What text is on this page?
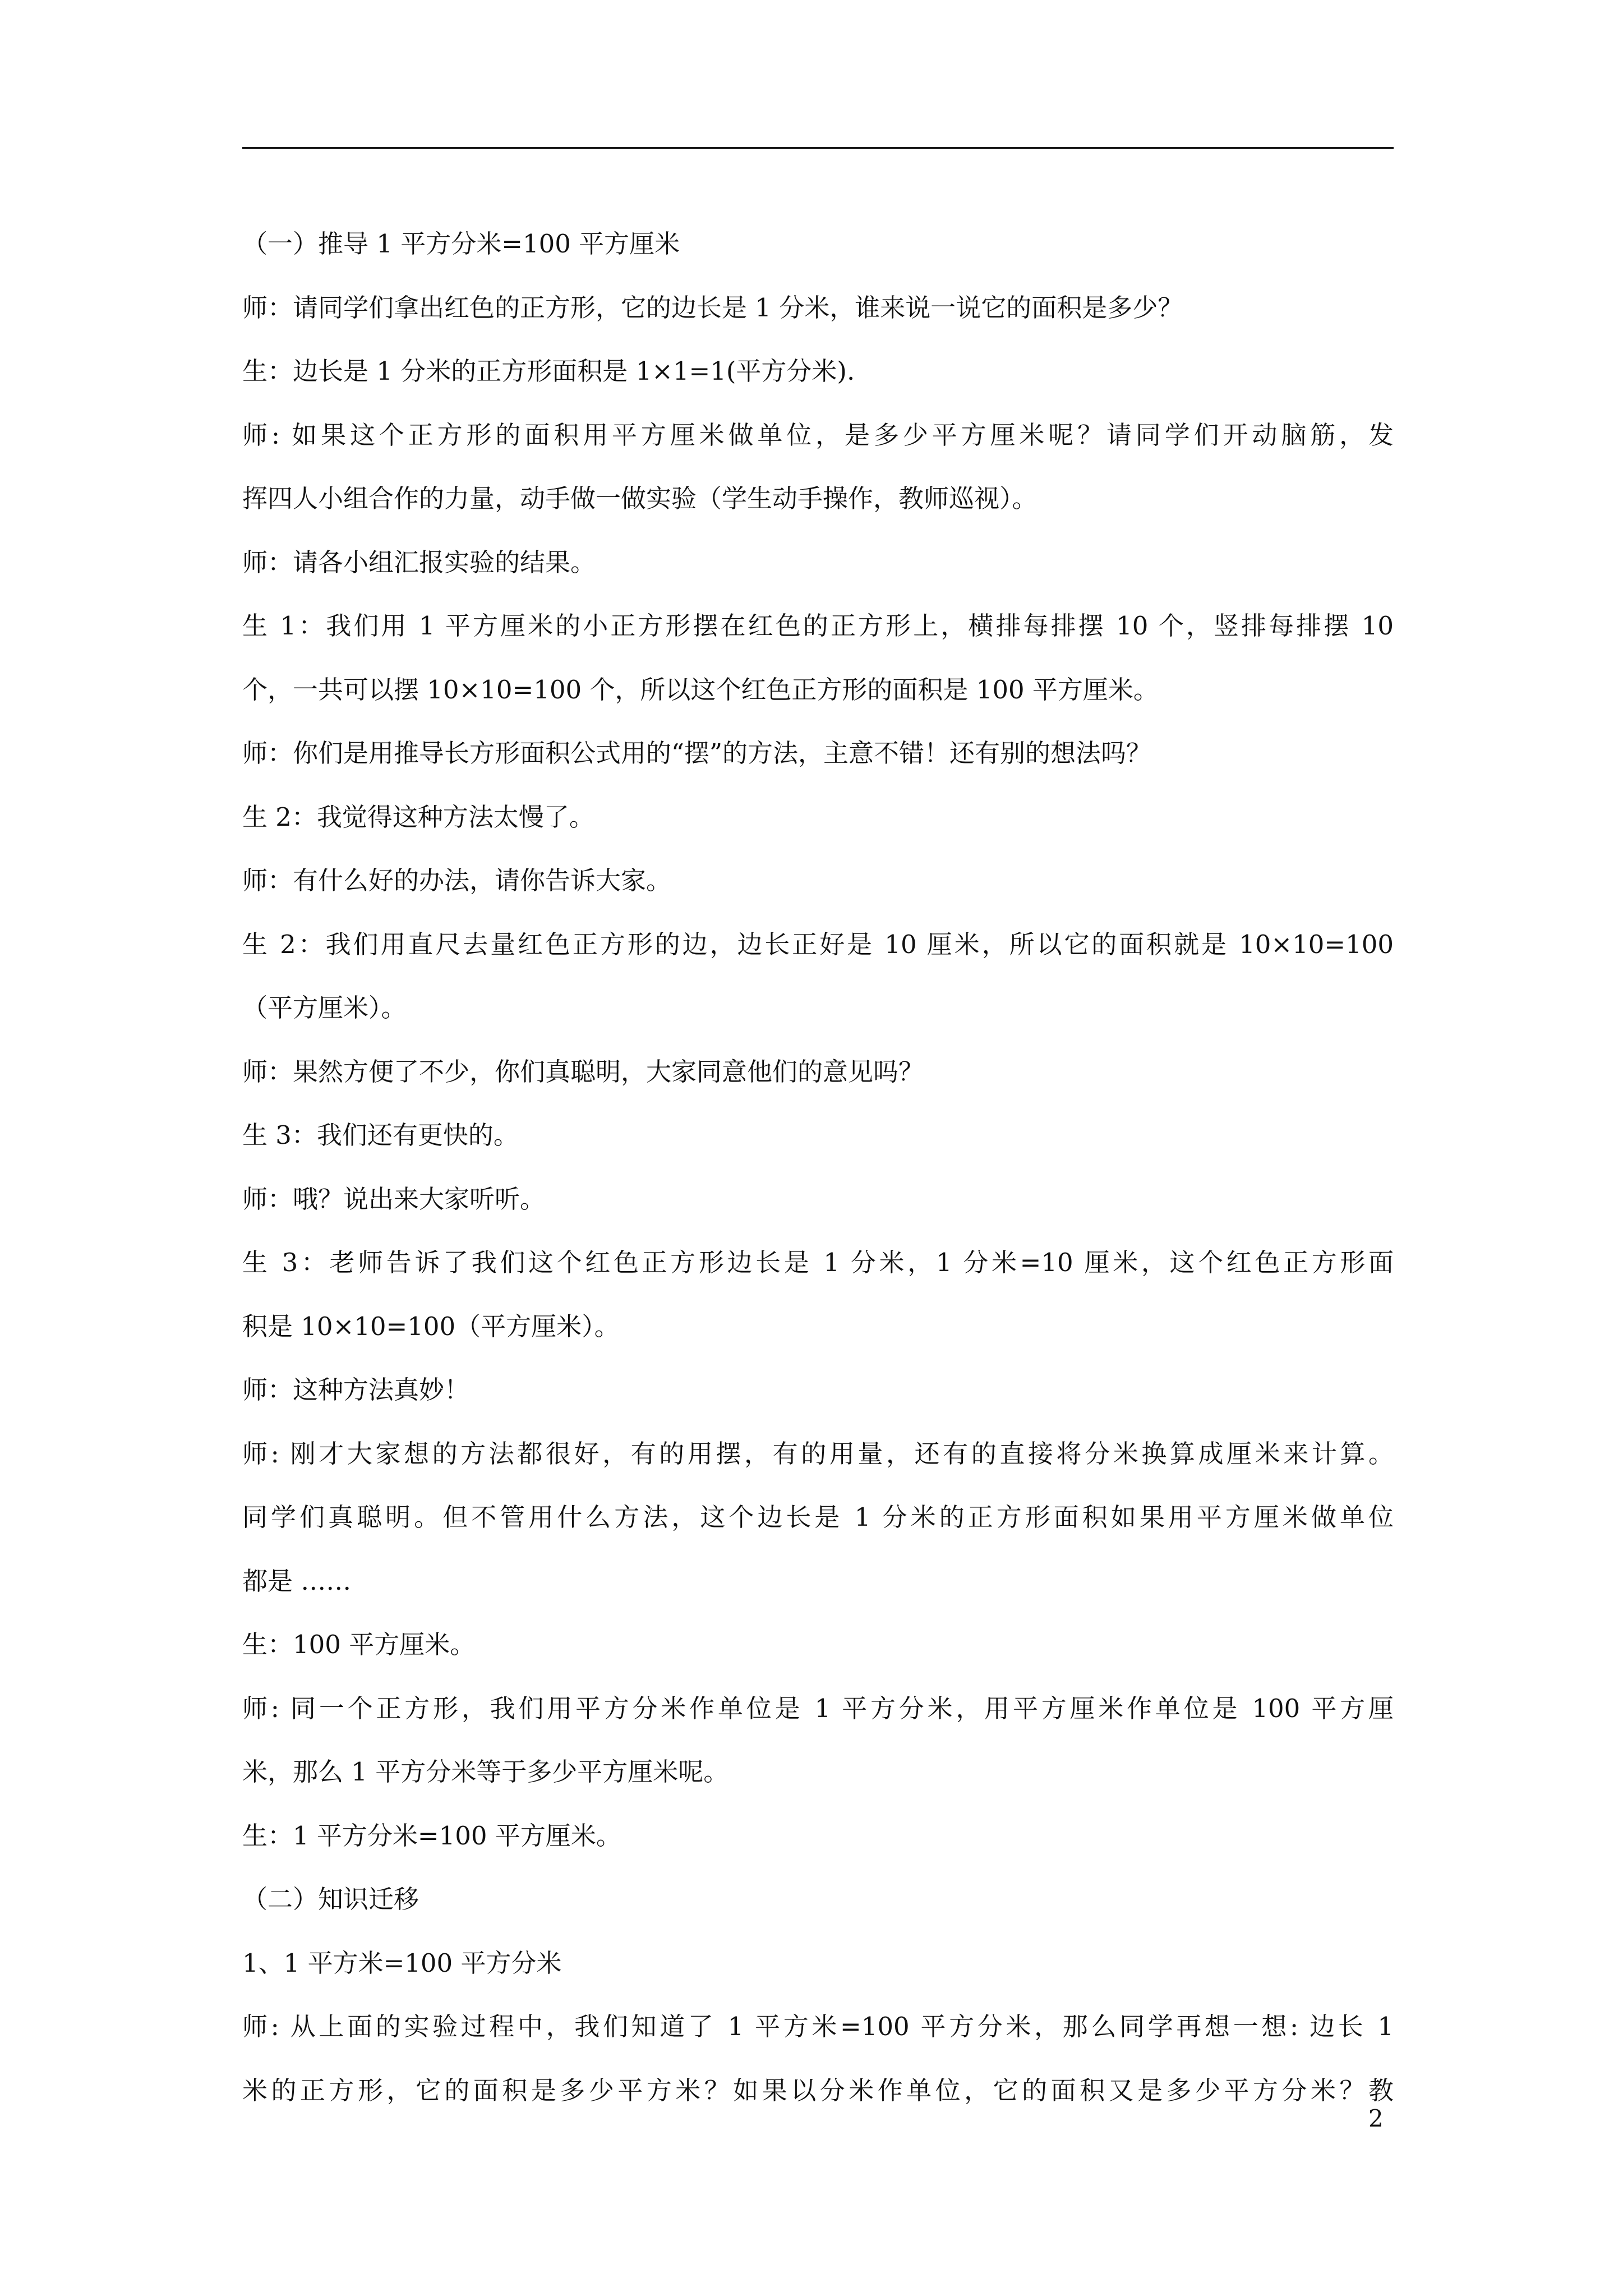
（一）推导 1 平方分米=100 平方厘米
师：请同学们拿出红色的正方形，它的边长是 1 分米，谁来说一说它的面积是多少？
生：边长是 1 分米的正方形面积是 1×1=1(平方分米).
师: 如果这个正方形的面积用平方厘米做单位，是多少平方厘米呢？请同学们开动脑筋，发
挥四人小组合作的力量，动手做一做实验（学生动手操作，教师巡视）。
师：请各小组汇报实验的结果。
生 1：我们用 1 平方厘米的小正方形摆在红色的正方形上，横排每排摆 10 个，竖排每排摆 10
个，一共可以摆 10×10=100 个，所以这个红色正方形的面积是 100 平方厘米。
师：你们是用推导长方形面积公式用的“摆”的方法，主意不错！还有别的想法吗？
生 2：我觉得这种方法太慢了。
师：有什么好的办法，请你告诉大家。
生 2：我们用直尺去量红色正方形的边，边长正好是 10 厘米，所以它的面积就是 10×10=100
（平方厘米）。
师：果然方便了不少，你们真聪明，大家同意他们的意见吗？
生 3：我们还有更快的。
师：哦？说出来大家听听。
生 3：老师告诉了我们这个红色正方形边长是 1 分米，1 分米=10 厘米，这个红色正方形面
积是 10×10=100（平方厘米）。
师：这种方法真妙！
师: 刚才大家想的方法都很好，有的用摆，有的用量，还有的直接将分米换算成厘米来计算。
同学们真聪明。但不管用什么方法，这个边长是 1 分米的正方形面积如果用平方厘米做单位
都是 ……
生：100 平方厘米。
师: 同一个正方形，我们用平方分米作单位是 1 平方分米，用平方厘米作单位是 100 平方厘
米，那么 1 平方分米等于多少平方厘米呢。
生：1 平方分米=100 平方厘米。
（二）知识迁移
1、1 平方米=100 平方分米
师: 从上面的实验过程中，我们知道了 1 平方米=100 平方分米，那么同学再想一想: 边长 1
米的正方形，它的面积是多少平方米？如果以分米作单位，它的面积又是多少平方分米？教
2
